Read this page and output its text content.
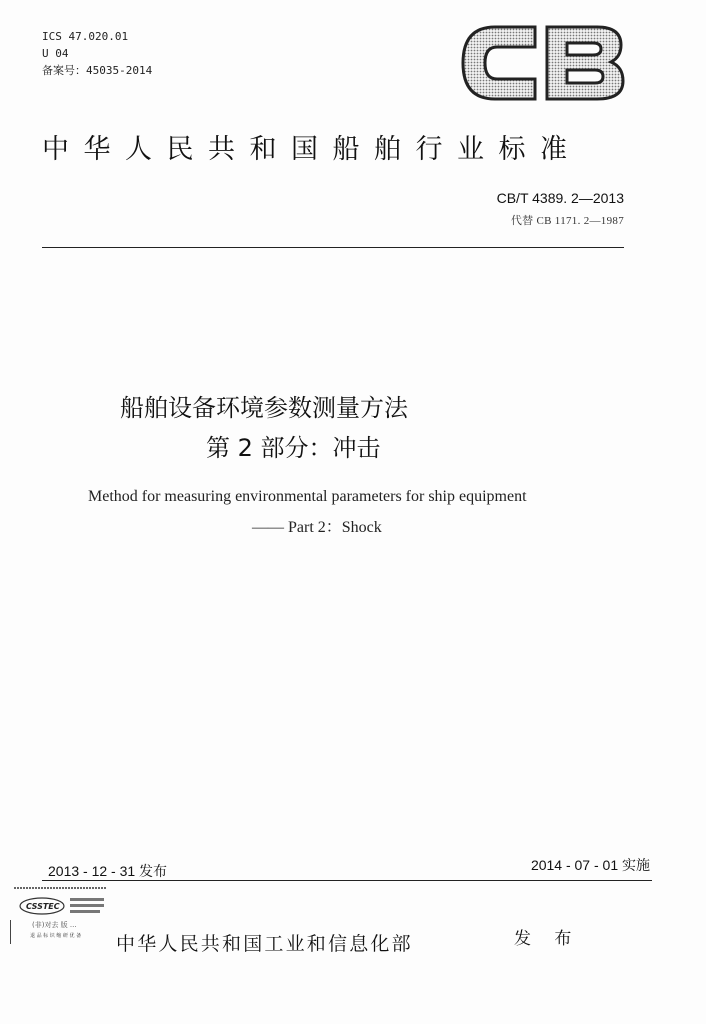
ICS 47.020.01
U 04
备案号：45035-2014
中华人民共和国船舶行业标准
CB/T 4389. 2—2013
代替 CB 1171. 2—1987
船舶设备环境参数测量方法
第 2 部分：冲击
Method for measuring environmental parameters for ship equipment
—— Part 2：Shock
2013 - 12 - 31 发布	2014 - 07 - 01 实施
CSSTEC
(非)对去 版 ...
退 品 标 识 缩 研 优 备 中华人民共和国工业和信息化部	发 布
